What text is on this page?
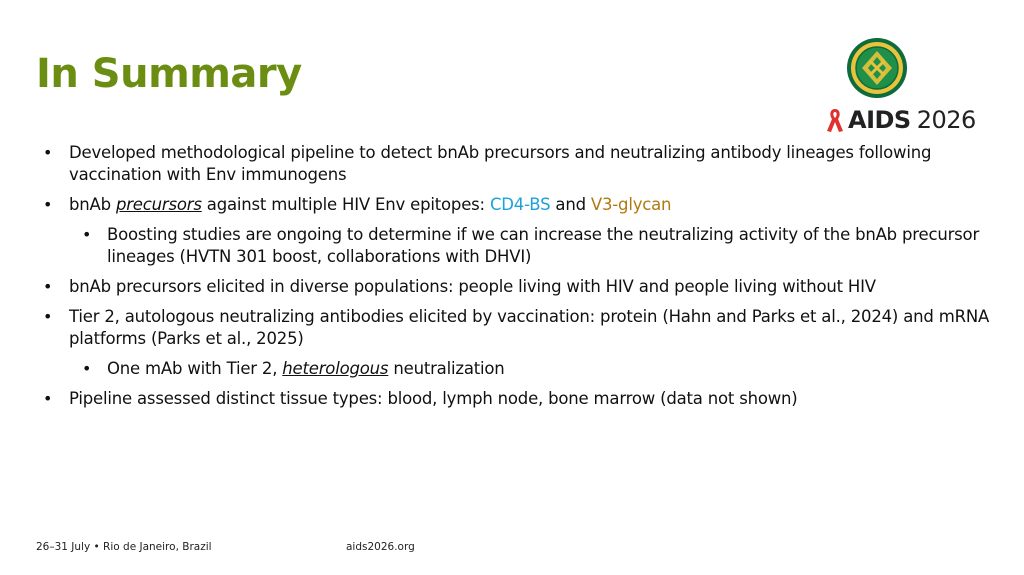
In Summary
AIDS 2026
• Developed methodological pipeline to detect bnAb precursors and neutralizing antibody lineages following vaccination with Env immunogens
• bnAb precursors against multiple HIV Env epitopes: CD4-BS and V3-glycan
• Boosting studies are ongoing to determine if we can increase the neutralizing activity of the bnAb precursor lineages (HVTN 301 boost, collaborations with DHVI)
• bnAb precursors elicited in diverse populations: people living with HIV and people living without HIV
• Tier 2, autologous neutralizing antibodies elicited by vaccination: protein (Hahn and Parks et al., 2024) and mRNA platforms (Parks et al., 2025)
• One mAb with Tier 2, heterologous neutralization
• Pipeline assessed distinct tissue types: blood, lymph node, bone marrow (data not shown)
26–31 July • Rio de Janeiro, Brazil	aids2026.org
